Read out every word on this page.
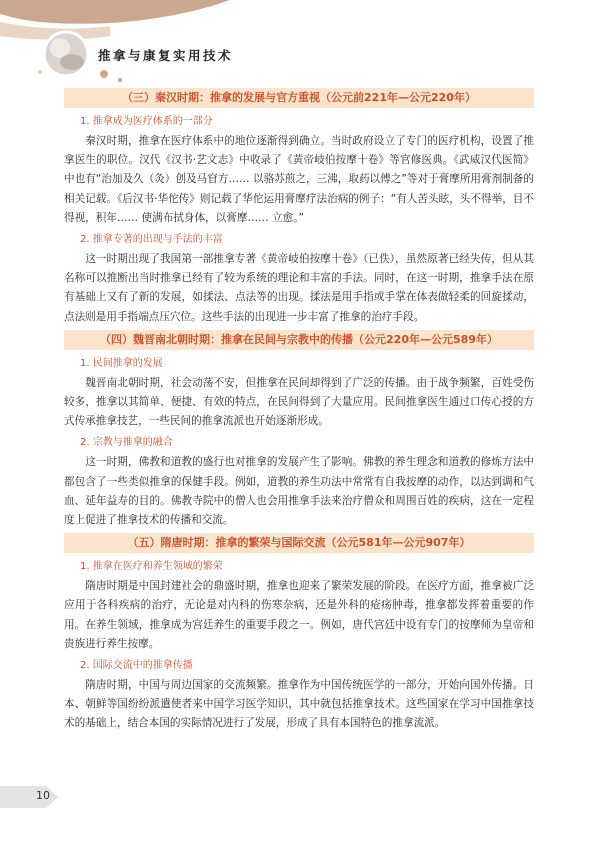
推拿与康复实用技术
（三）秦汉时期：推拿的发展与官方重视（公元前221年—公元220年）
1. 推拿成为医疗体系的一部分

秦汉时期，推拿在医疗体系中的地位逐渐得到确立。当时政府设立了专门的医疗机构，设置了推拿医生的职位。汉代《汉书·艺文志》中收录了《黄帝岐伯按摩十卷》等官修医典。《武威汉代医简》中也有“治加及久（灸）创及马窅方…… 以骆苏煎之，三沸，取药以傅之”等对于膏摩所用膏剂制备的相关记载。《后汉书·华佗传》则记载了华佗运用膏摩疗法治病的例子：“有人苦头眩，头不得举，目不得视，积年…… 使满布拭身体，以膏摩…… 立愈。”

2. 推拿专著的出现与手法的丰富

这一时期出现了我国第一部推拿专著《黄帝岐伯按摩十卷》（已佚），虽然原著已经失传，但从其名称可以推断出当时推拿已经有了较为系统的理论和丰富的手法。同时，在这一时期，推拿手法在原有基础上又有了新的发展，如揉法、点法等的出现。揉法是用手指或手掌在体表做轻柔的回旋揉动，点法则是用手指端点压穴位。这些手法的出现进一步丰富了推拿的治疗手段。

（四）魏晋南北朝时期：推拿在民间与宗教中的传播（公元220年—公元589年）
1. 民间推拿的发展

魏晋南北朝时期，社会动荡不安，但推拿在民间却得到了广泛的传播。由于战争频繁，百姓受伤较多，推拿以其简单、便捷、有效的特点，在民间得到了大量应用。民间推拿医生通过口传心授的方式传承推拿技艺，一些民间的推拿流派也开始逐渐形成。

2. 宗教与推拿的融合

这一时期，佛教和道教的盛行也对推拿的发展产生了影响。佛教的养生理念和道教的修炼方法中都包含了一些类似推拿的保健手段。例如，道教的养生功法中常常有自我按摩的动作，以达到调和气血、延年益寿的目的。佛教寺院中的僧人也会用推拿手法来治疗僧众和周围百姓的疾病，这在一定程度上促进了推拿技术的传播和交流。

（五）隋唐时期：推拿的繁荣与国际交流（公元581年—公元907年）
1. 推拿在医疗和养生领域的繁荣

隋唐时期是中国封建社会的鼎盛时期，推拿也迎来了繁荣发展的阶段。在医疗方面，推拿被广泛应用于各科疾病的治疗，无论是对内科的伤寒杂病，还是外科的疮疡肿毒，推拿都发挥着重要的作用。在养生领域，推拿成为宫廷养生的重要手段之一。例如，唐代宫廷中设有专门的按摩师为皇帝和贵族进行养生按摩。

2. 国际交流中的推拿传播

隋唐时期，中国与周边国家的交流频繁。推拿作为中国传统医学的一部分，开始向国外传播。日本、朝鲜等国纷纷派遣使者来中国学习医学知识，其中就包括推拿技术。这些国家在学习中国推拿技术的基础上，结合本国的实际情况进行了发展，形成了具有本国特色的推拿流派。

10
